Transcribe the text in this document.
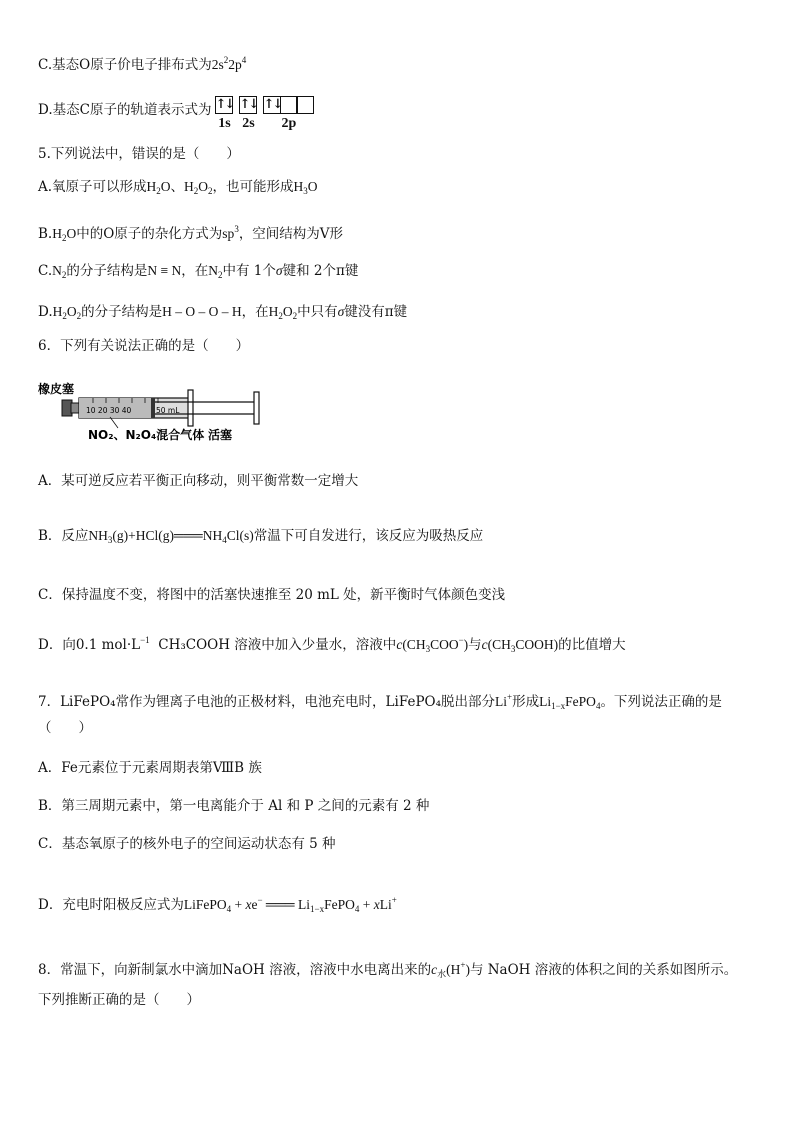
C.基态O原子价电子排布式为$2s^22p^4$
D.基态C原子的轨道表示式为 ↑↓
1s
↑↓
2s
↑↓
2p
5.下列说法中，错误的是（　　）
A.氧原子可以形成$H_2O$、$H_2O_2$，也可能形成$H_3O$
$B.H_2O$中的O原子的杂化方式为$sp^3$，空间结构为V形
$C.N_2$的分子结构是N ≡ N，在$N_2$中有 1个σ键和 2个π键
$D.H_2O_2$的分子结构是H – O – O – H，在$H_2O_2$中只有σ键没有π键
6．下列有关说法正确的是（　　）
橡皮塞
10 20 30 40	50 mL
NO₂、N₂O₄混合气体 活塞
A．某可逆反应若平衡正向移动，则平衡常数一定增大
B．反应$NH_3(g)+HCl(g)═══NH_4Cl(s)$常温下可自发进行，该反应为吸热反应
C．保持温度不变，将图中的活塞快速推至 20 mL 处，新平衡时气体颜色变浅
D．向0.1 $mol\cdot L^{-1}$ CH₃COOH 溶液中加入少量水，溶液中$c(CH_3COO^-)$与$c(CH_3COOH)$的比值增大
7．LiFePO₄常作为锂离子电池的正极材料，电池充电时，LiFePO₄脱出部分Li+形成$Li_{1-x}FePO_4$。下列说法正确的是
（　　）
A．Fe元素位于元素周期表第ⅧB 族
B．第三周期元素中，第一电离能介于 Al 和 P 之间的元素有 2 种
C．基态氧原子的核外电子的空间运动状态有 5 种
D．充电时阳极反应式为LiFePO$_4$ + xe− ═══ $Li_{1-x}FePO_4 + xLi^+$
8．常温下，向新制氯水中滴加NaOH 溶液，溶液中水电离出来的$c_水(H^+)$与 NaOH 溶液的体积之间的关系如图所示。
下列推断正确的是（　　）
